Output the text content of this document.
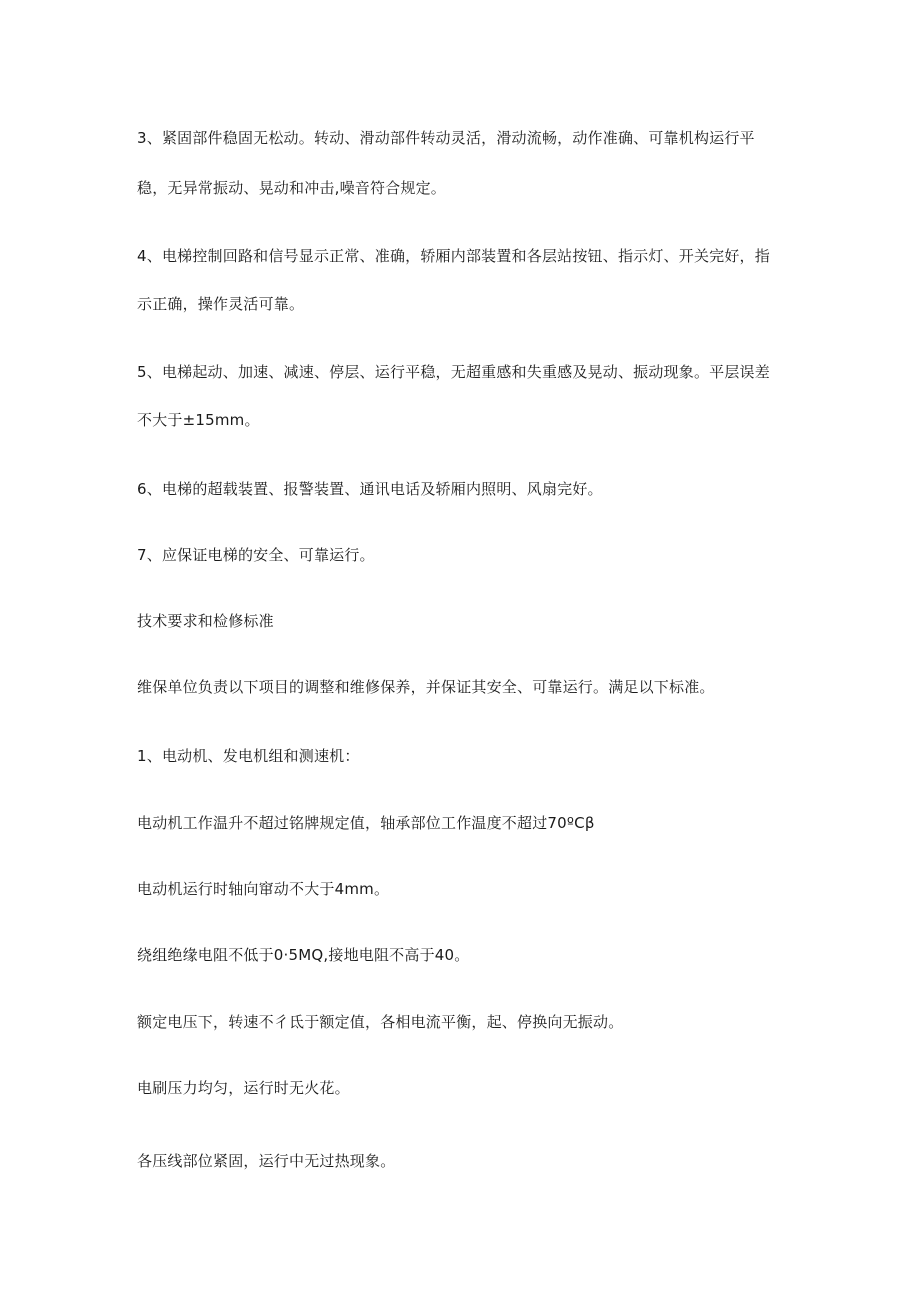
3、紧固部件稳固无松动。转动、滑动部件转动灵活，滑动流畅，动作准确、可靠机构运行平
稳，无异常振动、晃动和冲击,噪音符合规定。
4、电梯控制回路和信号显示正常、准确，轿厢内部装置和各层站按钮、指示灯、开关完好，指
示正确，操作灵活可靠。
5、电梯起动、加速、减速、停层、运行平稳，无超重感和失重感及晃动、振动现象。平层误差
不大于±15mm。
6、电梯的超载装置、报警装置、通讯电话及轿厢内照明、风扇完好。
7、应保证电梯的安全、可靠运行。
技术要求和检修标准
维保单位负责以下项目的调整和维修保养，并保证其安全、可靠运行。满足以下标准。
1、电动机、发电机组和测速机：
电动机工作温升不超过铭牌规定值，轴承部位工作温度不超过70ºCβ
电动机运行时轴向窜动不大于4mm。
绕组绝缘电阻不低于0·5MQ,接地电阻不高于40。
额定电压下，转速不彳氐于额定值，各相电流平衡，起、停换向无振动。
电刷压力均匀，运行时无火花。
各压线部位紧固，运行中无过热现象。
